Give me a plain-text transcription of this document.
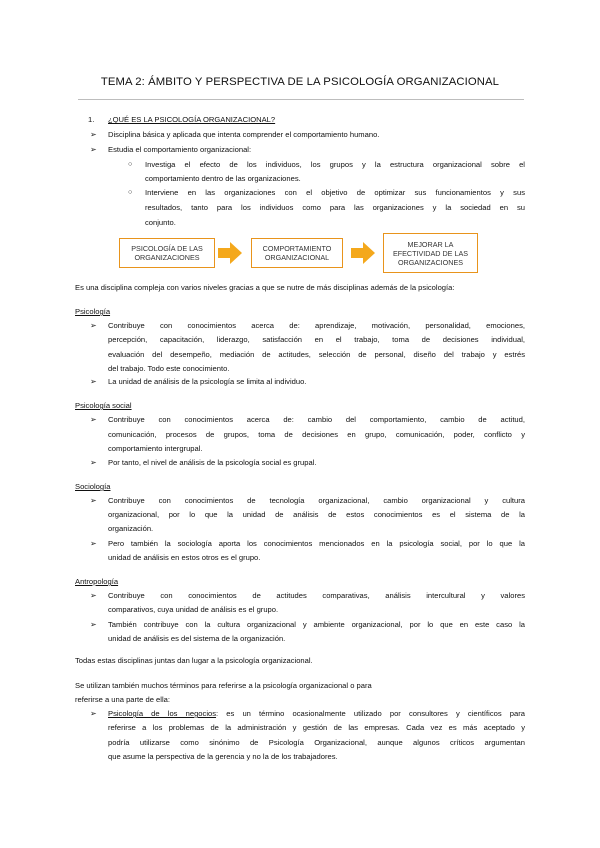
TEMA 2: ÁMBITO Y PERSPECTIVA DE LA PSICOLOGÍA ORGANIZACIONAL
1. ¿QUÉ ES LA PSICOLOGÍA ORGANIZACIONAL?
➢ Disciplina básica y aplicada que intenta comprender el comportamiento humano.
➢ Estudia el comportamiento organizacional:
○ Investiga el efecto de los individuos, los grupos y la estructura organizacional sobre el
comportamiento dentro de las organizaciones.
○ Interviene en las organizaciones con el objetivo de optimizar sus funcionamientos y sus
resultados, tanto para los individuos como para las organizaciones y la sociedad en su
conjunto.
PSICOLOGÍA DE LAS ORGANIZACIONES
COMPORTAMIENTO ORGANIZACIONAL
MEJORAR LA EFECTIVIDAD DE LAS ORGANIZACIONES
Es una disciplina compleja con varios niveles gracias a que se nutre de más disciplinas además de la psicología:
Psicología
➢ Contribuye con conocimientos acerca de: aprendizaje, motivación, personalidad, emociones,
percepción, capacitación, liderazgo, satisfacción en el trabajo, toma de decisiones individual,
evaluación del desempeño, mediación de actitudes, selección de personal, diseño del trabajo y estrés
del trabajo. Todo este conocimiento.
➢ La unidad de análisis de la psicología se limita al individuo.
Psicología social
➢ Contribuye con conocimientos acerca de: cambio del comportamiento, cambio de actitud,
comunicación, procesos de grupos, toma de decisiones en grupo, comunicación, poder, conflicto y
comportamiento intergrupal.
➢ Por tanto, el nivel de análisis de la psicología social es grupal.
Sociología
➢ Contribuye con conocimientos de tecnología organizacional, cambio organizacional y cultura
organizacional, por lo que la unidad de análisis de estos conocimientos es el sistema de la
organización.
➢ Pero también la sociología aporta los conocimientos mencionados en la psicología social, por lo que la
unidad de análisis en estos otros es el grupo.
Antropología
➢ Contribuye con conocimientos de actitudes comparativas, análisis intercultural y valores
comparativos, cuya unidad de análisis es el grupo.
➢ También contribuye con la cultura organizacional y ambiente organizacional, por lo que en este caso la
unidad de análisis es del sistema de la organización.
Todas estas disciplinas juntas dan lugar a la psicología organizacional.
Se utilizan también muchos términos para referirse a la psicología organizacional o para
referirse a una parte de ella:
➢ Psicología de los negocios: es un término ocasionalmente utilizado por consultores y científicos para
referirse a los problemas de la administración y gestión de las empresas. Cada vez es más aceptado y
podría utilizarse como sinónimo de Psicología Organizacional, aunque algunos críticos argumentan
que asume la perspectiva de la gerencia y no la de los trabajadores.
